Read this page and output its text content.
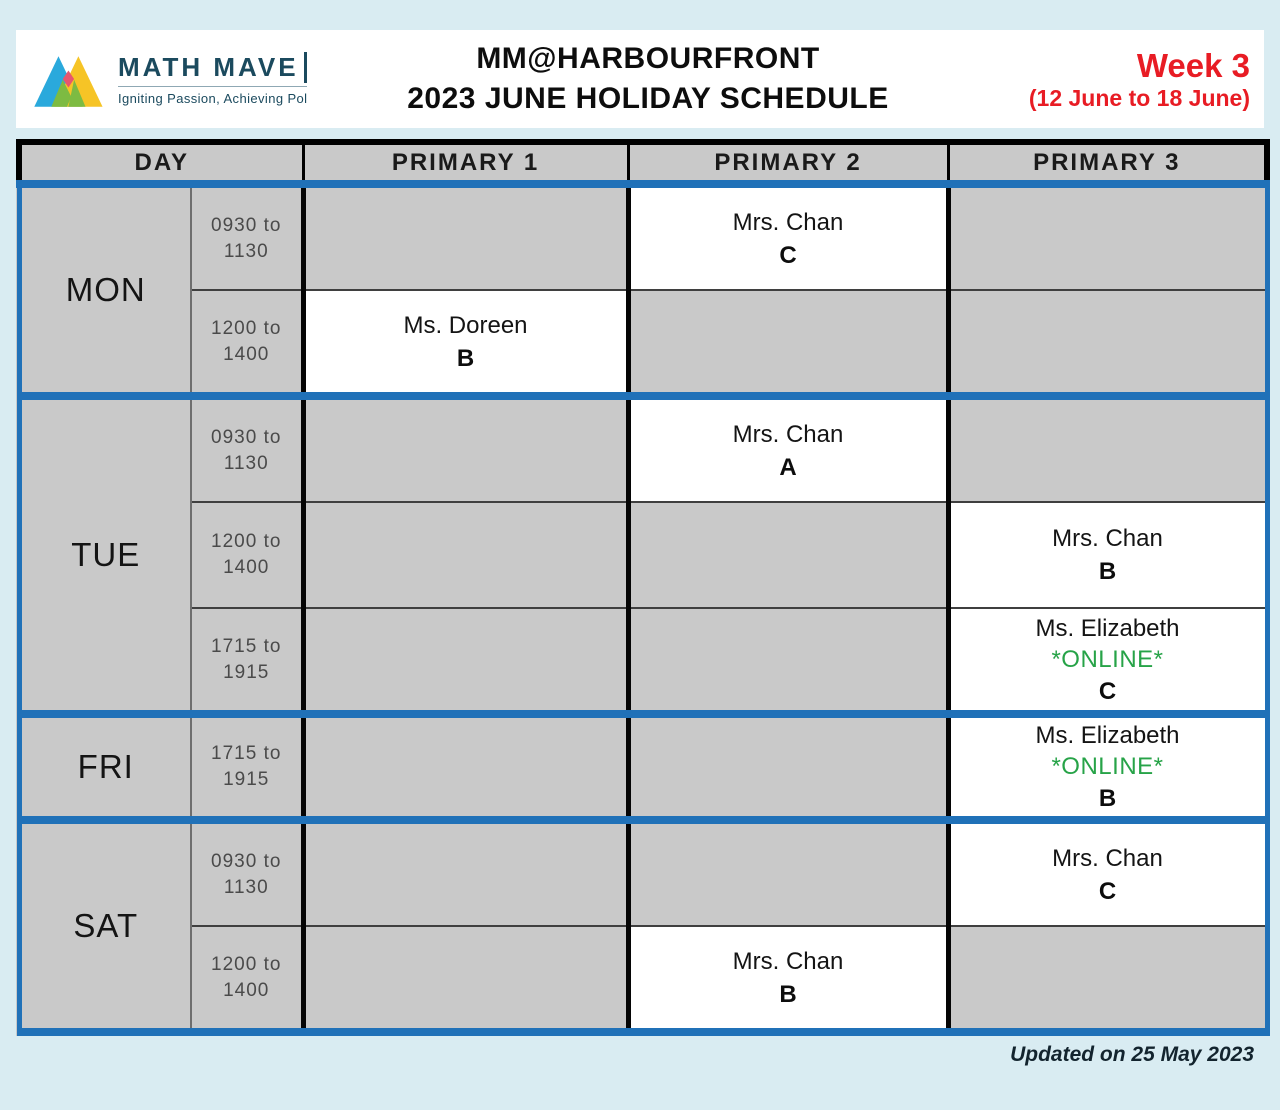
MATH MAVE
Igniting Passion, Achieving Pol
MM@HARBOURFRONT
2023 JUNE HOLIDAY SCHEDULE
Week 3
(12 June to 18 June)
DAY		PRIMARY 1	PRIMARY 2	PRIMARY 3
MON	0930 to 1130		Mrs. Chan
C	

	1200 to 1400	Ms. Doreen
B		

TUE	0930 to 1130		Mrs. Chan
A	

	1200 to 1400			Mrs. Chan
B

	1715 to 1915			Ms. Elizabeth
*ONLINE*
C

FRI	1715 to 1915			Ms. Elizabeth
*ONLINE*
B

SAT	0930 to 1130			Mrs. Chan
C

	1200 to 1400		Mrs. Chan
B	

Updated on 25 May 2023
